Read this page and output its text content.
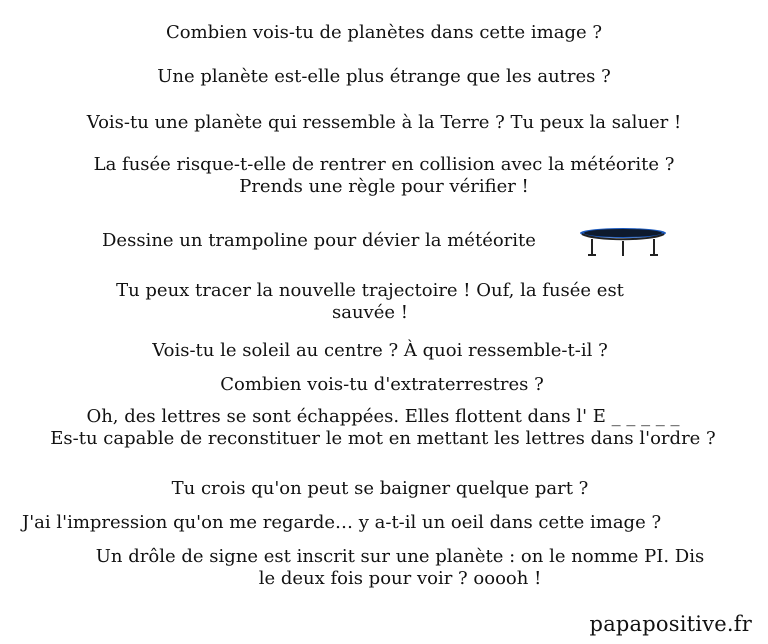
Combien vois-tu de planètes dans cette image ?
Une planète est-elle plus étrange que les autres ?
Vois-tu une planète qui ressemble à la Terre ? Tu peux la saluer !
La fusée risque-t-elle de rentrer en collision avec la météorite ?
Prends une règle pour vérifier !
Dessine un trampoline pour dévier la météorite
Tu peux tracer la nouvelle trajectoire ! Ouf, la fusée est
sauvée !
Vois-tu le soleil au centre ? À quoi ressemble-t-il ?
Combien vois-tu d'extraterrestres ?
Oh, des lettres se sont échappées. Elles flottent dans l' E _ _ _ _ _
Es-tu capable de reconstituer le mot en mettant les lettres dans l'ordre ?
Tu crois qu'on peut se baigner quelque part ?
J'ai l'impression qu'on me regarde… y a-t-il un oeil dans cette image ?
Un drôle de signe est inscrit sur une planète : on le nomme PI. Dis
le deux fois pour voir ? ooooh !
papapositive.fr
